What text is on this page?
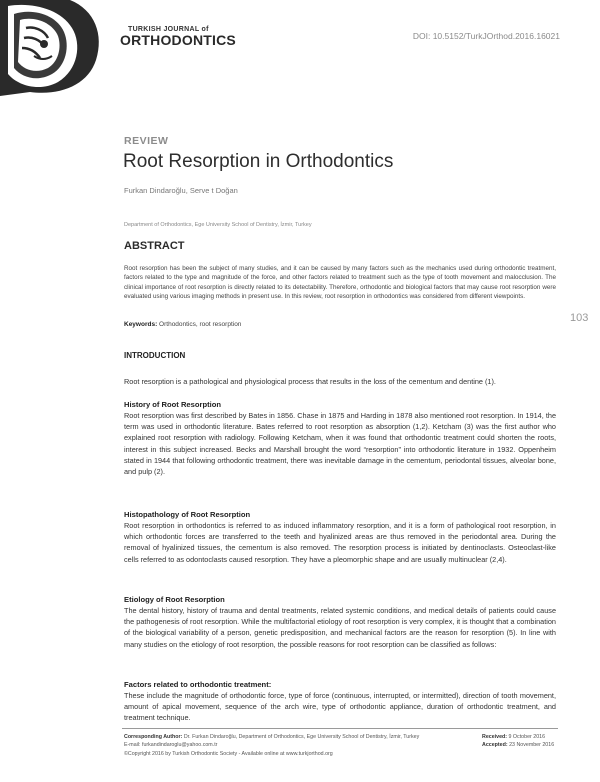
TURKISH JOURNAL of
ORTHODONTICS	DOI: 10.5152/TurkJOrthod.2016.16021
REVIEW
Root Resorption in Orthodontics
Furkan Dindaroğlu, Serve t Doğan
Department of Orthodontics, Ege University School of Dentistry, İzmir, Turkey
ABSTRACT
Root resorption has been the subject of many studies, and it can be caused by many factors such as the mechanics used during orthodontic treatment, factors related to the type and magnitude of the force, and other factors related to treatment such as the type of tooth movement and malocclusion. The clinical importance of root resorption is directly related to its detectability. Therefore, orthodontic and biological factors that may cause root resorption were evaluated using various imaging methods in present use. In this review, root resorption in orthodontics was considered from different viewpoints.
Keywords: Orthodontics, root resorption
103
INTRODUCTION
Root resorption is a pathological and physiological process that results in the loss of the cementum and dentine (1).
History of Root Resorption
Root resorption was first described by Bates in 1856. Chase in 1875 and Harding in 1878 also mentioned root resorption. In 1914, the term was used in orthodontic literature. Bates referred to root resorption as absorption (1,2). Ketcham (3) was the first author who explained root resorption with radiology. Following Ketcham, when it was found that orthodontic treatment could shorten the roots, interest in this subject increased. Becks and Marshall brought the word “resorption” into orthodontic literature in 1932. Oppenheim stated in 1944 that following orthodontic treatment, there was inevitable damage in the cementum, periodontal tissues, alveolar bone, and pulp (2).
Histopathology of Root Resorption
Root resorption in orthodontics is referred to as induced inflammatory resorption, and it is a form of pathological root resorption, in which orthodontic forces are transferred to the teeth and hyalinized areas are thus removed in the periodontal area. During the removal of hyalinized tissues, the cementum is also removed. The resorption process is initiated by dentinoclasts. Osteoclast-like cells referred to as odontoclasts caused resorption. They have a pleomorphic shape and are usually multinuclear (2,4).
Etiology of Root Resorption
The dental history, history of trauma and dental treatments, related systemic conditions, and medical details of patients could cause the pathogenesis of root resorption. While the multifactorial etiology of root resorption is very complex, it is thought that a combination of the biological variability of a person, genetic predisposition, and mechanical factors are the reason for resorption (5). In line with many studies on the etiology of root resorption, the possible reasons for root resorption can be classified as follows:
Factors related to orthodontic treatment:
These include the magnitude of orthodontic force, type of force (continuous, interrupted, or intermitted), direction of tooth movement, amount of apical movement, sequence of the arch wire, type of orthodontic appliance, duration of orthodontic treatment, and treatment technique.
Corresponding Author: Dr. Furkan Dindaroğlu, Department of Orthodontics, Ege University School of Dentistry, İzmir, Turkey
E-mail: furkandindaroglu@yahoo.com.tr
©Copyright 2016 by Turkish Orthodontic Society - Available online at www.turkjorthod.org
Received: 9 October 2016
Accepted: 23 November 2016
